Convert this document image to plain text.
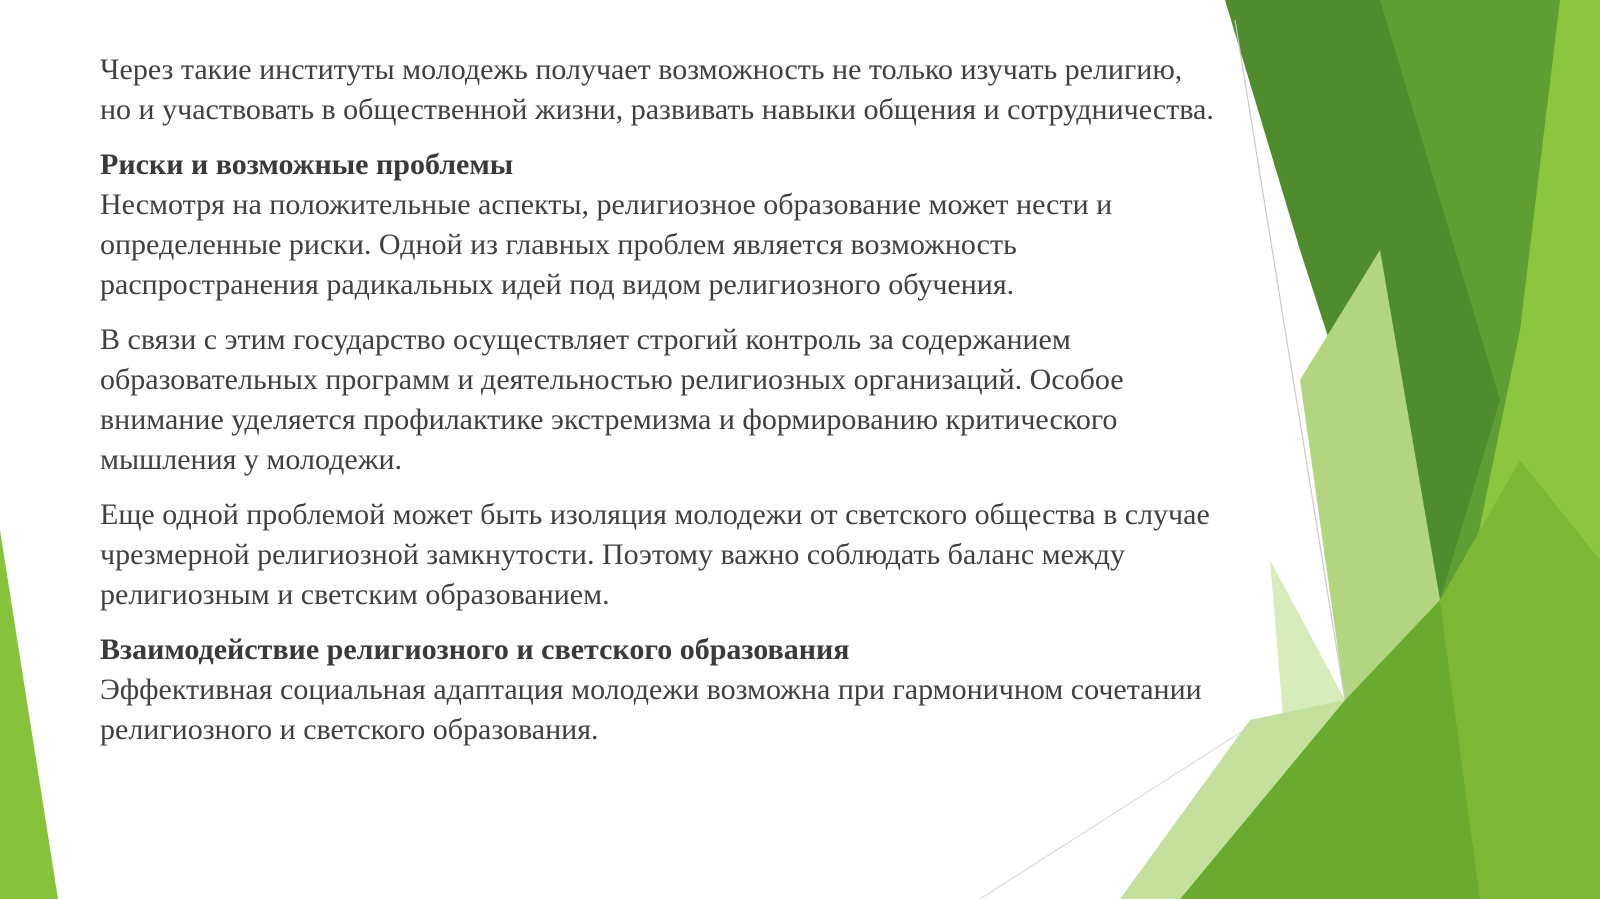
Через такие институты молодежь получает возможность не только изучать религию, но и участвовать в общественной жизни, развивать навыки общения и сотрудничества.

Риски и возможные проблемы
Несмотря на положительные аспекты, религиозное образование может нести и определенные риски. Одной из главных проблем является возможность распространения радикальных идей под видом религиозного обучения.

В связи с этим государство осуществляет строгий контроль за содержанием образовательных программ и деятельностью религиозных организаций. Особое внимание уделяется профилактике экстремизма и формированию критического мышления у молодежи.

Еще одной проблемой может быть изоляция молодежи от светского общества в случае чрезмерной религиозной замкнутости. Поэтому важно соблюдать баланс между религиозным и светским образованием.

Взаимодействие религиозного и светского образования
Эффективная социальная адаптация молодежи возможна при гармоничном сочетании религиозного и светского образования.
